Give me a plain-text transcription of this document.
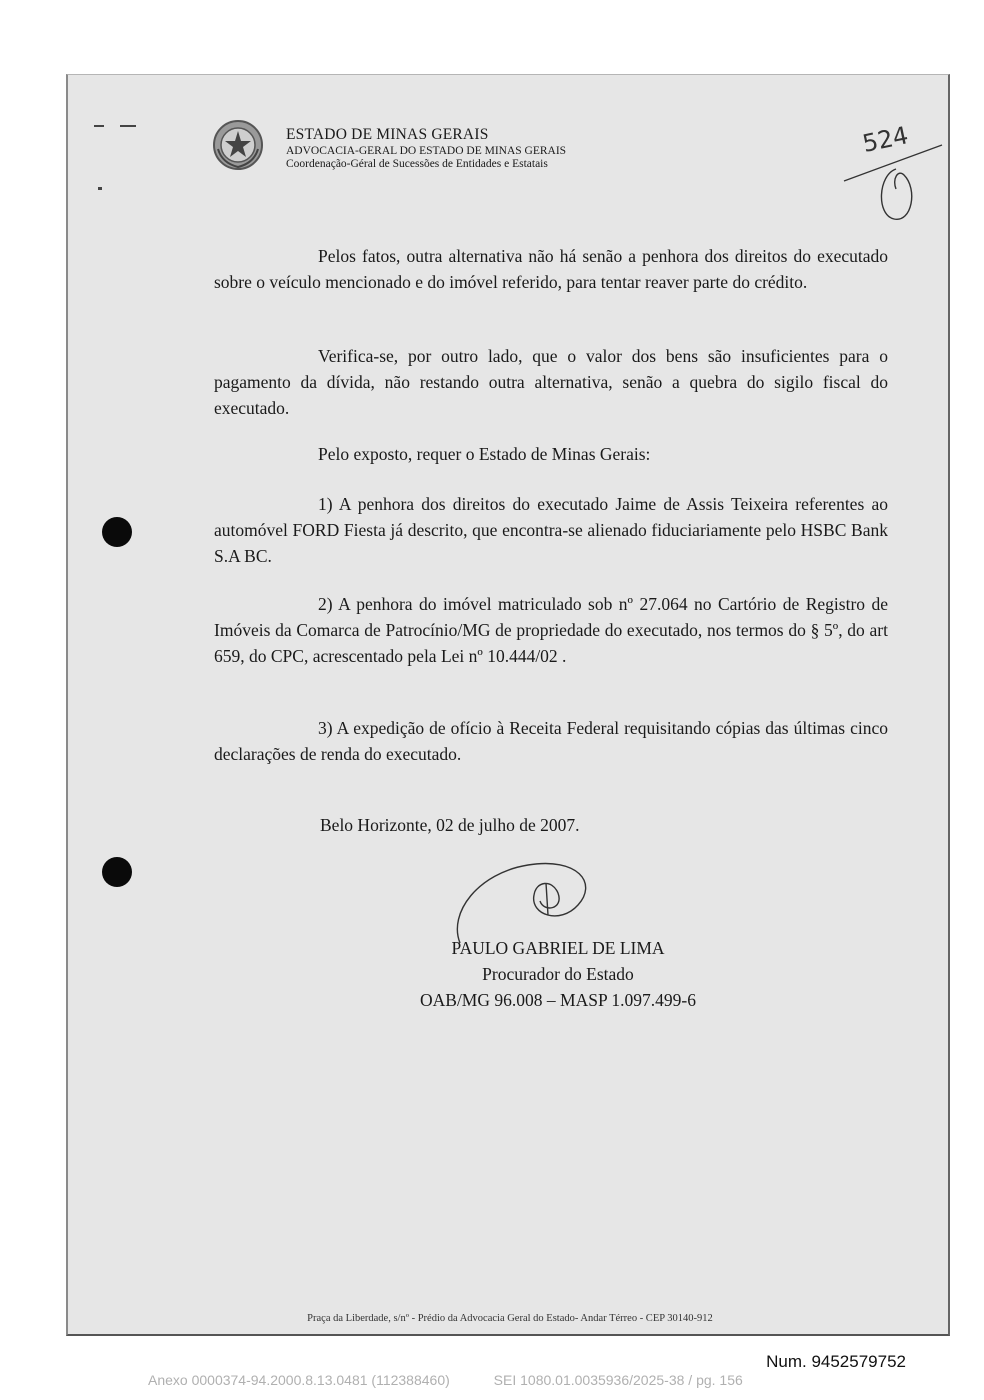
ESTADO DE MINAS GERAIS
ADVOCACIA-GERAL DO ESTADO DE MINAS GERAIS
Coordenação-Géral de Sucessões de Entidades e Estatais
524

Pelos fatos, outra alternativa não há senão a penhora dos direitos do executado sobre o veículo mencionado e do imóvel referido, para tentar reaver parte do crédito.

Verifica-se, por outro lado, que o valor dos bens são insuficientes para o pagamento da dívida, não restando outra alternativa, senão a quebra do sigilo fiscal do executado.

Pelo exposto, requer o Estado de Minas Gerais:

1) A penhora dos direitos do executado Jaime de Assis Teixeira referentes ao automóvel FORD Fiesta já descrito, que encontra-se alienado fiduciariamente pelo HSBC Bank S.A BC.

2) A penhora do imóvel matriculado sob nº 27.064 no Cartório de Registro de Imóveis da Comarca de Patrocínio/MG de propriedade do executado, nos termos do § 5º, do art 659, do CPC, acrescentado pela Lei nº 10.444/02 .

3) A expedição de ofício à Receita Federal requisitando cópias das últimas cinco declarações de renda do executado.

Belo Horizonte, 02 de julho de 2007.
PAULO GABRIEL DE LIMA
Procurador do Estado
OAB/MG 96.008 – MASP 1.097.499-6
Praça da Liberdade, s/nº - Prédio da Advocacia Geral do Estado- Andar Térreo - CEP 30140-912
Num. 9452579752
Anexo 0000374-94.2000.8.13.0481 (112388460)	SEI 1080.01.0035936/2025-38 / pg. 156
